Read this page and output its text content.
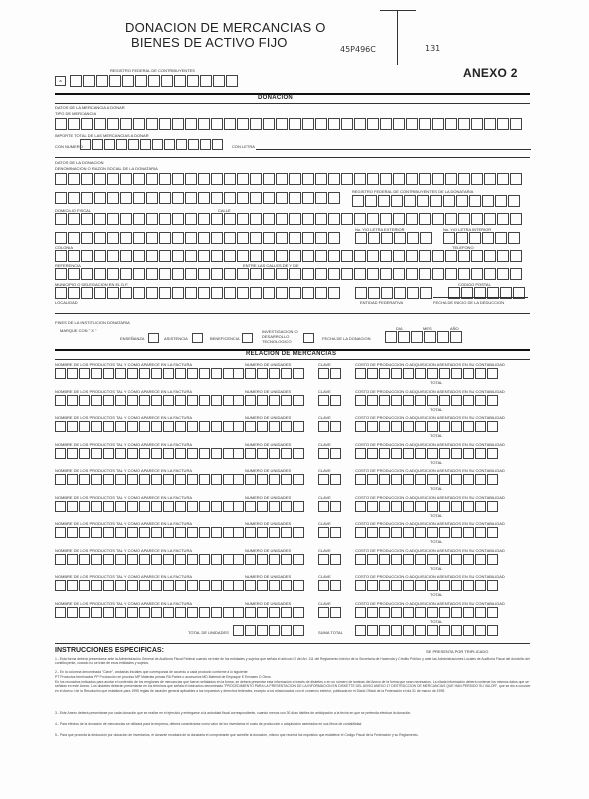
DONACION DE MERCANCIAS O
BIENES DE ACTIVO FIJO	45P496C	131
ANEXO 2
REGISTRO FEDERAL DE CONTRIBUYENTES
a
DONACION
DATOS DE LA MERCANCIA A DONAR
TIPO DE MERCANCIA
IMPORTE TOTAL DE LAS MERCANCIAS A DONAR
CON NUMERO	CON LETRA
DATOS DE LA DONACION
DENOMINACION O RAZON SOCIAL DE LA DONATARIA
REGISTRO FEDERAL DE CONTRIBUYENTES DE LA DONATARIA
DOMICILIO FISCAL	CALLE
No. Y/O LETRA EXTERIOR	No. Y/O LETRA INTERIOR
COLONIA	TELEFONO
REFERENCIA	ENTRE LAS CALLES DE Y DE
MUNICIPIO O DELEGACION EN EL D.F.	CODIGO POSTAL
LOCALIDAD	ENTIDAD FEDERATIVA	FECHA DE INICIO DE LA DEDUCCION
FINES DE LA INSTITUCION DONATARIA
MARQUE CON " X "	DIA	MES	AÑO
ENSEÑANZA	ASISTENCIA	BENEFICENCIA
INVESTIGACION O DESARROLLO TECNOLOGICO
FECHA DE LA DONACION
RELACION DE MERCANCIAS
NOMBRE DE LOS PRODUCTOS TAL Y COMO APARECE EN LA FACTURA	NUMERO DE UNIDADES	CLAVE	COSTO DE PRODUCCION O ADQUISICION ASENTADOS EN SU CONTABILIDAD
TOTAL
NOMBRE DE LOS PRODUCTOS TAL Y COMO APARECE EN LA FACTURA	NUMERO DE UNIDADES	CLAVE	COSTO DE PRODUCCION O ADQUISICION ASENTADOS EN SU CONTABILIDAD
TOTAL
NOMBRE DE LOS PRODUCTOS TAL Y COMO APARECE EN LA FACTURA	NUMERO DE UNIDADES	CLAVE	COSTO DE PRODUCCION O ADQUISICION ASENTADOS EN SU CONTABILIDAD
TOTAL
NOMBRE DE LOS PRODUCTOS TAL Y COMO APARECE EN LA FACTURA	NUMERO DE UNIDADES	CLAVE	COSTO DE PRODUCCION O ADQUISICION ASENTADOS EN SU CONTABILIDAD
TOTAL
NOMBRE DE LOS PRODUCTOS TAL Y COMO APARECE EN LA FACTURA	NUMERO DE UNIDADES	CLAVE	COSTO DE PRODUCCION O ADQUISICION ASENTADOS EN SU CONTABILIDAD
TOTAL
NOMBRE DE LOS PRODUCTOS TAL Y COMO APARECE EN LA FACTURA	NUMERO DE UNIDADES	CLAVE	COSTO DE PRODUCCION O ADQUISICION ASENTADOS EN SU CONTABILIDAD
TOTAL
NOMBRE DE LOS PRODUCTOS TAL Y COMO APARECE EN LA FACTURA	NUMERO DE UNIDADES	CLAVE	COSTO DE PRODUCCION O ADQUISICION ASENTADOS EN SU CONTABILIDAD
TOTAL
NOMBRE DE LOS PRODUCTOS TAL Y COMO APARECE EN LA FACTURA	NUMERO DE UNIDADES	CLAVE	COSTO DE PRODUCCION O ADQUISICION ASENTADOS EN SU CONTABILIDAD
TOTAL
NOMBRE DE LOS PRODUCTOS TAL Y COMO APARECE EN LA FACTURA	NUMERO DE UNIDADES	CLAVE	COSTO DE PRODUCCION O ADQUISICION ASENTADOS EN SU CONTABILIDAD
TOTAL
NOMBRE DE LOS PRODUCTOS TAL Y COMO APARECE EN LA FACTURA	NUMERO DE UNIDADES	CLAVE	COSTO DE PRODUCCION O ADQUISICION ASENTADOS EN SU CONTABILIDAD
TOTAL
TOTAL DE UNIDADES	SUMA TOTAL
INSTRUCCIONES ESPECIFICAS:	SE PRESENTA POR TRIPLICADO
1.- Esta forma deberá presentarse ante la Administración General de Auditoría Fiscal Federal cuando se trate de los entidades y sujetos que señala el artículo O del Art. 111 del Reglamento Interior de la Secretaría de Hacienda y Crédito Público y ante las Administraciones Locales de Auditoría Fiscal del domicilio del contribuyente, cuando no se trate de esos entidades y sujetos.
2.- En la columna denominada "Clave", anotarlas iniciales que corresponda de acuerdo a cada producto conforme a lo siguiente:
PT Productos terminados PP Producción en proceso MP Materias primas RA Partes o accesorios MD Material de Empaque E Envases O Otros
En los recuadros indicados para anotar el contenido de los renglones de mercancías que fueron señalados en la forma, se deberá presentar esta información a través de disketes o en un número de laminas del Anexo de la forma que sean necesarios. La citada información deberá contener los mismos datos que se señalan en este Anexo. Los disketes deberán presentarse en los términos que señala el instructivo denominado "PROCEDIMIENTO PARA LA PRESENTACION DE LA INFORMACION EN DISKETTE DEL AVISO ANEXO 17 DESTRUCCION DE MERCANCIAS QUE HAN PERDIDO SU VALOR", que se dio a conocer en el Anexo I de la Resolución que establece para 1995 reglas de carácter general aplicables a los impuestos y derechos federales, excepto a los relacionados con el comercio exterior, publicada en el Diario Oficial de la Federación el día 31 de marzo de 1995.
3.- Este Anexo deberá presentarse por cada donación que se realice en el ejercicio y entregarse a la autoridad fiscal correspondiente, cuando menos con 30 días hábiles de anticipación a la fecha en que se pretenda efectuar la donación.
4.- Para efectos de la donación de mercancías se utilizará para la empresa, deberá considerarse como valor de los inventarios el costo de producción o adquisición asentados en sus libros de contabilidad.
5.- Para que proceda la deducción por donación de inventarios, el donante recabará de la donataria el comprobante que acredite la donación, mismo que reunirá los requisitos que establece el Código Fiscal de la Federación y su Reglamento.
